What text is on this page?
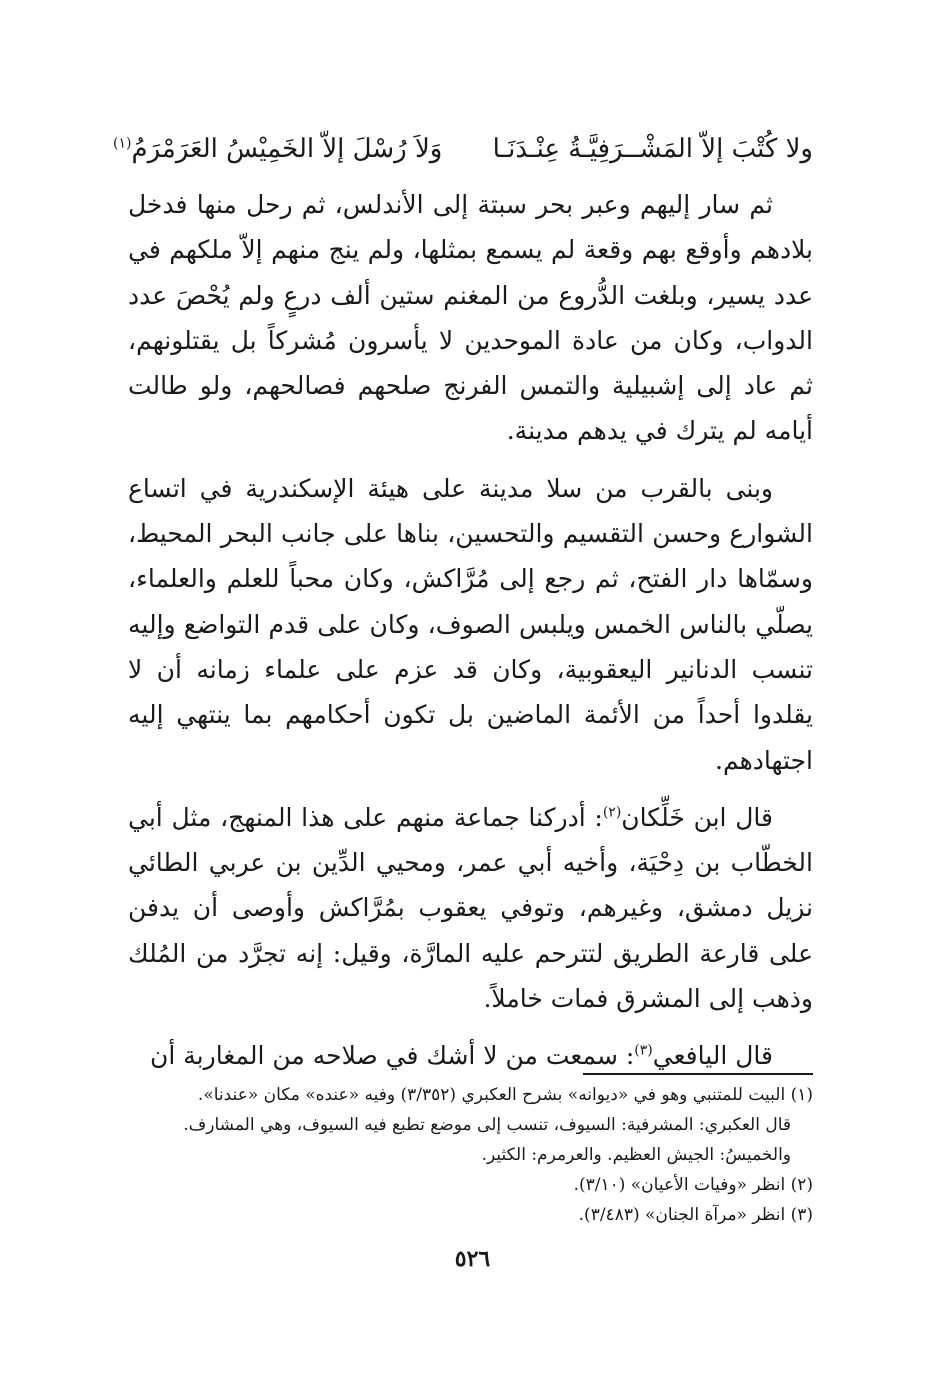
ولا كُتْبَ إلاّ المَشْــرَفِيَّـةُ عِنْـدَنَـا
وَلاَ رُسْلَ إلاّ الخَمِيْسُ العَرَمْرَمُ$^{(١)}$

ثم سار إليهم وعبر بحر سبتة إلى الأندلس، ثم رحل منها فدخل بلادهم وأوقع بهم وقعة لم يسمع بمثلها، ولم ينج منهم إلاّ ملكهم في عدد يسير، وبلغت الدُّروع من المغنم ستين ألف درعٍ ولم يُحْصَ عدد الدواب، وكان من عادة الموحدين لا يأسرون مُشركاً بل يقتلونهم، ثم عاد إلى إشبيلية والتمس الفرنج صلحهم فصالحهم، ولو طالت أيامه لم يترك في يدهم مدينة.

وبنى بالقرب من سلا مدينة على هيئة الإسكندرية في اتساع الشوارع وحسن التقسيم والتحسين، بناها على جانب البحر المحيط، وسمّاها دار الفتح، ثم رجع إلى مُرَّاكش، وكان محباً للعلم والعلماء، يصلّي بالناس الخمس ويلبس الصوف، وكان على قدم التواضع وإليه تنسب الدنانير اليعقوبية، وكان قد عزم على علماء زمانه أن لا يقلدوا أحداً من الأئمة الماضين بل تكون أحكامهم بما ينتهي إليه اجتهادهم.

قال ابن خَلِّكان$^{(٢)}$: أدركنا جماعة منهم على هذا المنهج، مثل أبي الخطّاب بن دِحْيَة، وأخيه أبي عمر، ومحيي الدِّين بن عربي الطائي نزيل دمشق، وغيرهم، وتوفي يعقوب بمُرَّاكش وأوصى أن يدفن على قارعة الطريق لتترحم عليه المارَّة، وقيل: إنه تجرَّد من المُلك وذهب إلى المشرق فمات خاملاً.

قال اليافعي$^{(٣)}$: سمعت من لا أشك في صلاحه من المغاربة أن

(١) البيت للمتنبي وهو في «ديوانه» بشرح العكبري (٣/٣٥٢) وفيه «عنده» مكان «عندنا».

قال العكبري: المشرفية: السيوف، تنسب إلى موضع تطبع فيه السيوف، وهي المشارف.

والخميسُ: الجيش العظيم. والعرمرم: الكثير.

(٢) انظر «وفيات الأعيان» (٣/١٠).

(٣) انظر «مرآة الجنان» (٣/٤٨٣).

٥٢٦
